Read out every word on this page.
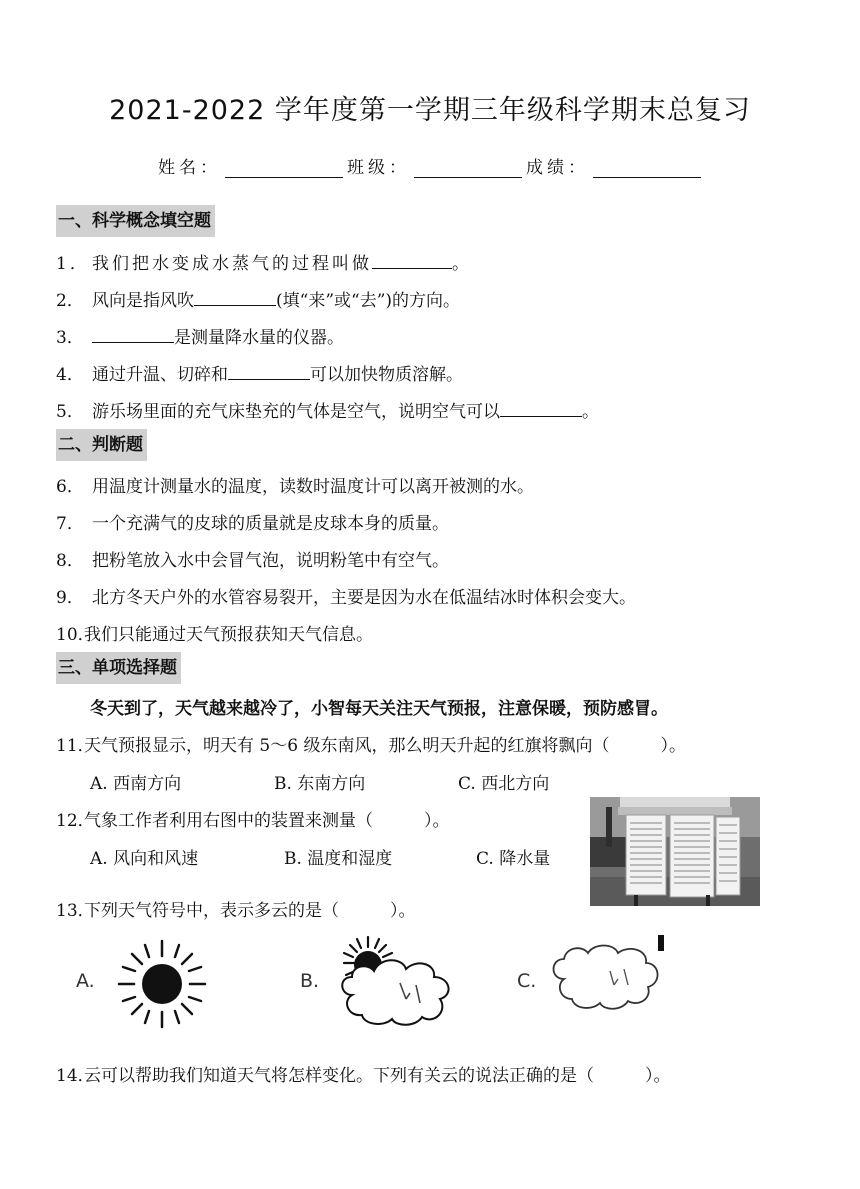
2021-2022 学年度第一学期三年级科学期末总复习
姓名：	班级：	成绩：
一、科学概念填空题
1． 我们把水变成水蒸气的过程叫做	。
2． 风向是指风吹	(填“来”或“去”)的方向。
3．	是测量降水量的仪器。
4． 通过升温、切碎和	可以加快物质溶解。
5． 游乐场里面的充气床垫充的气体是空气，说明空气可以	。
二、判断题
6． 用温度计测量水的温度，读数时温度计可以离开被测的水。
7． 一个充满气的皮球的质量就是皮球本身的质量。
8． 把粉笔放入水中会冒气泡，说明粉笔中有空气。
9． 北方冬天户外的水管容易裂开，主要是因为水在低温结冰时体积会变大。
10．我们只能通过天气预报获知天气信息。
三、单项选择题
冬天到了，天气越来越冷了，小智每天关注天气预报，注意保暖，预防感冒。
11．天气预报显示，明天有 5～6 级东南风，那么明天升起的红旗将飘向（　　　）。
A. 西南方向	B. 东南方向	C. 西北方向
12．气象工作者利用右图中的装置来测量（　　　）。
A. 风向和风速	B. 温度和湿度	C. 降水量
13．下列天气符号中，表示多云的是（　　　）。
A.	B.	C.
14．云可以帮助我们知道天气将怎样变化。下列有关云的说法正确的是（　　　）。
